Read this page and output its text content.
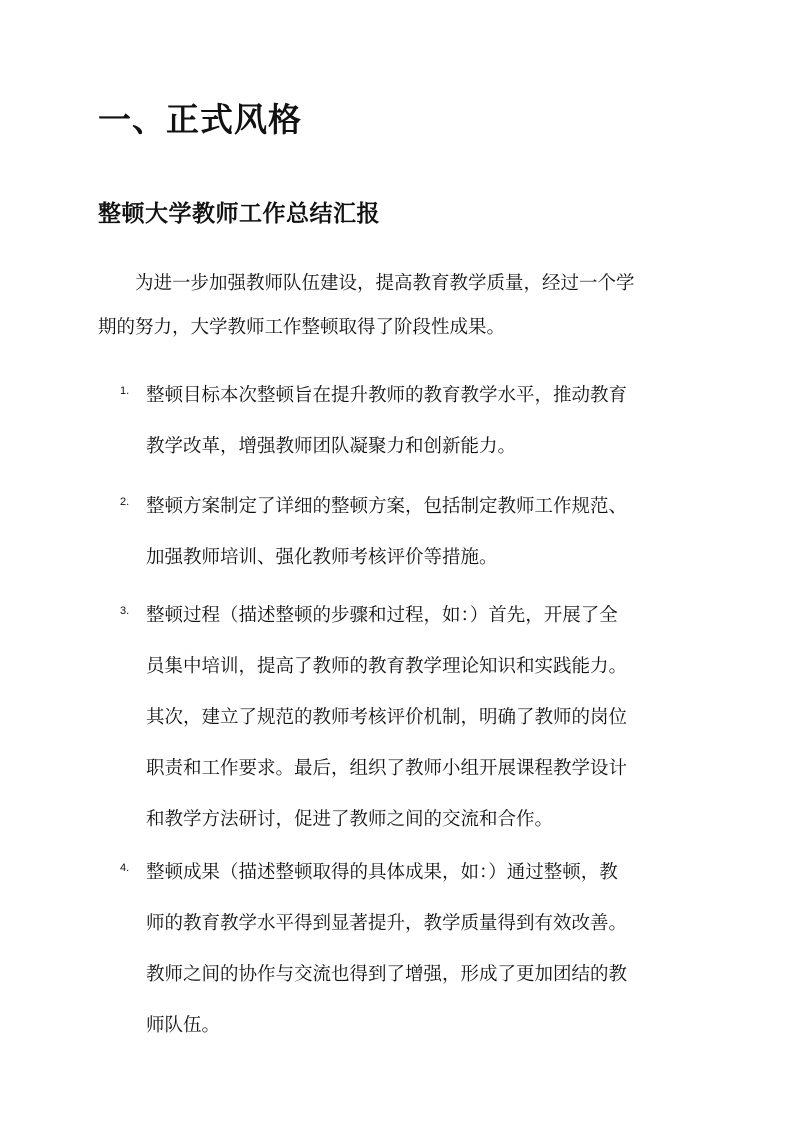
一、正式风格
整顿大学教师工作总结汇报
为进一步加强教师队伍建设，提高教育教学质量，经过一个学
期的努力，大学教师工作整顿取得了阶段性成果。
1. 整顿目标本次整顿旨在提升教师的教育教学水平，推动教育
教学改革，增强教师团队凝聚力和创新能力。
2. 整顿方案制定了详细的整顿方案，包括制定教师工作规范、
加强教师培训、强化教师考核评价等措施。
3. 整顿过程（描述整顿的步骤和过程，如：）首先，开展了全
员集中培训，提高了教师的教育教学理论知识和实践能力。
其次，建立了规范的教师考核评价机制，明确了教师的岗位
职责和工作要求。最后，组织了教师小组开展课程教学设计
和教学方法研讨，促进了教师之间的交流和合作。
4. 整顿成果（描述整顿取得的具体成果，如：）通过整顿，教
师的教育教学水平得到显著提升，教学质量得到有效改善。
教师之间的协作与交流也得到了增强，形成了更加团结的教
师队伍。
